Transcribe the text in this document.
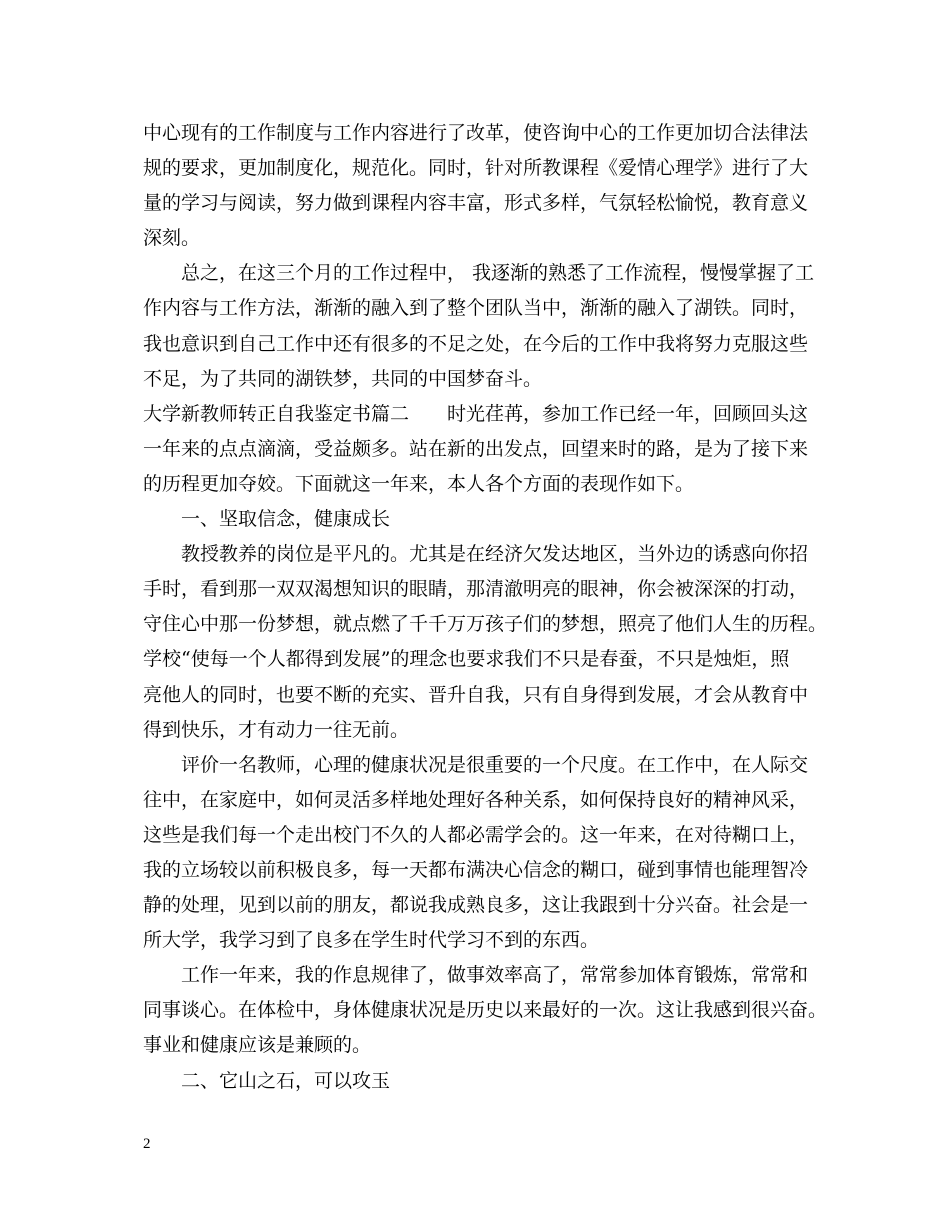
中心现有的工作制度与工作内容进行了改革，使咨询中心的工作更加切合法律法
规的要求，更加制度化，规范化。同时，针对所教课程《爱情心理学》进行了大
量的学习与阅读，努力做到课程内容丰富，形式多样，气氛轻松愉悦，教育意义
深刻。
总之，在这三个月的工作过程中， 我逐渐的熟悉了工作流程，慢慢掌握了工
作内容与工作方法，渐渐的融入到了整个团队当中，渐渐的融入了湖铁。同时，
我也意识到自己工作中还有很多的不足之处，在今后的工作中我将努力克服这些
不足，为了共同的湖铁梦，共同的中国梦奋斗。
大学新教师转正自我鉴定书篇二　　时光荏苒，参加工作已经一年，回顾回头这
一年来的点点滴滴，受益颇多。站在新的出发点，回望来时的路，是为了接下来
的历程更加夺姣。下面就这一年来，本人各个方面的表现作如下。
一、坚取信念，健康成长
教授教养的岗位是平凡的。尤其是在经济欠发达地区，当外边的诱惑向你招
手时，看到那一双双渴想知识的眼睛，那清澈明亮的眼神，你会被深深的打动，
守住心中那一份梦想，就点燃了千千万万孩子们的梦想，照亮了他们人生的历程。
学校“使每一个人都得到发展”的理念也要求我们不只是春蚕，不只是烛炬，照
亮他人的同时，也要不断的充实、晋升自我，只有自身得到发展，才会从教育中
得到快乐，才有动力一往无前。
评价一名教师，心理的健康状况是很重要的一个尺度。在工作中，在人际交
往中，在家庭中，如何灵活多样地处理好各种关系，如何保持良好的精神风采，
这些是我们每一个走出校门不久的人都必需学会的。这一年来，在对待糊口上，
我的立场较以前积极良多，每一天都布满决心信念的糊口，碰到事情也能理智冷
静的处理，见到以前的朋友，都说我成熟良多，这让我跟到十分兴奋。社会是一
所大学，我学习到了良多在学生时代学习不到的东西。
工作一年来，我的作息规律了，做事效率高了，常常参加体育锻炼，常常和
同事谈心。在体检中，身体健康状况是历史以来最好的一次。这让我感到很兴奋。
事业和健康应该是兼顾的。
二、它山之石，可以攻玉
2
